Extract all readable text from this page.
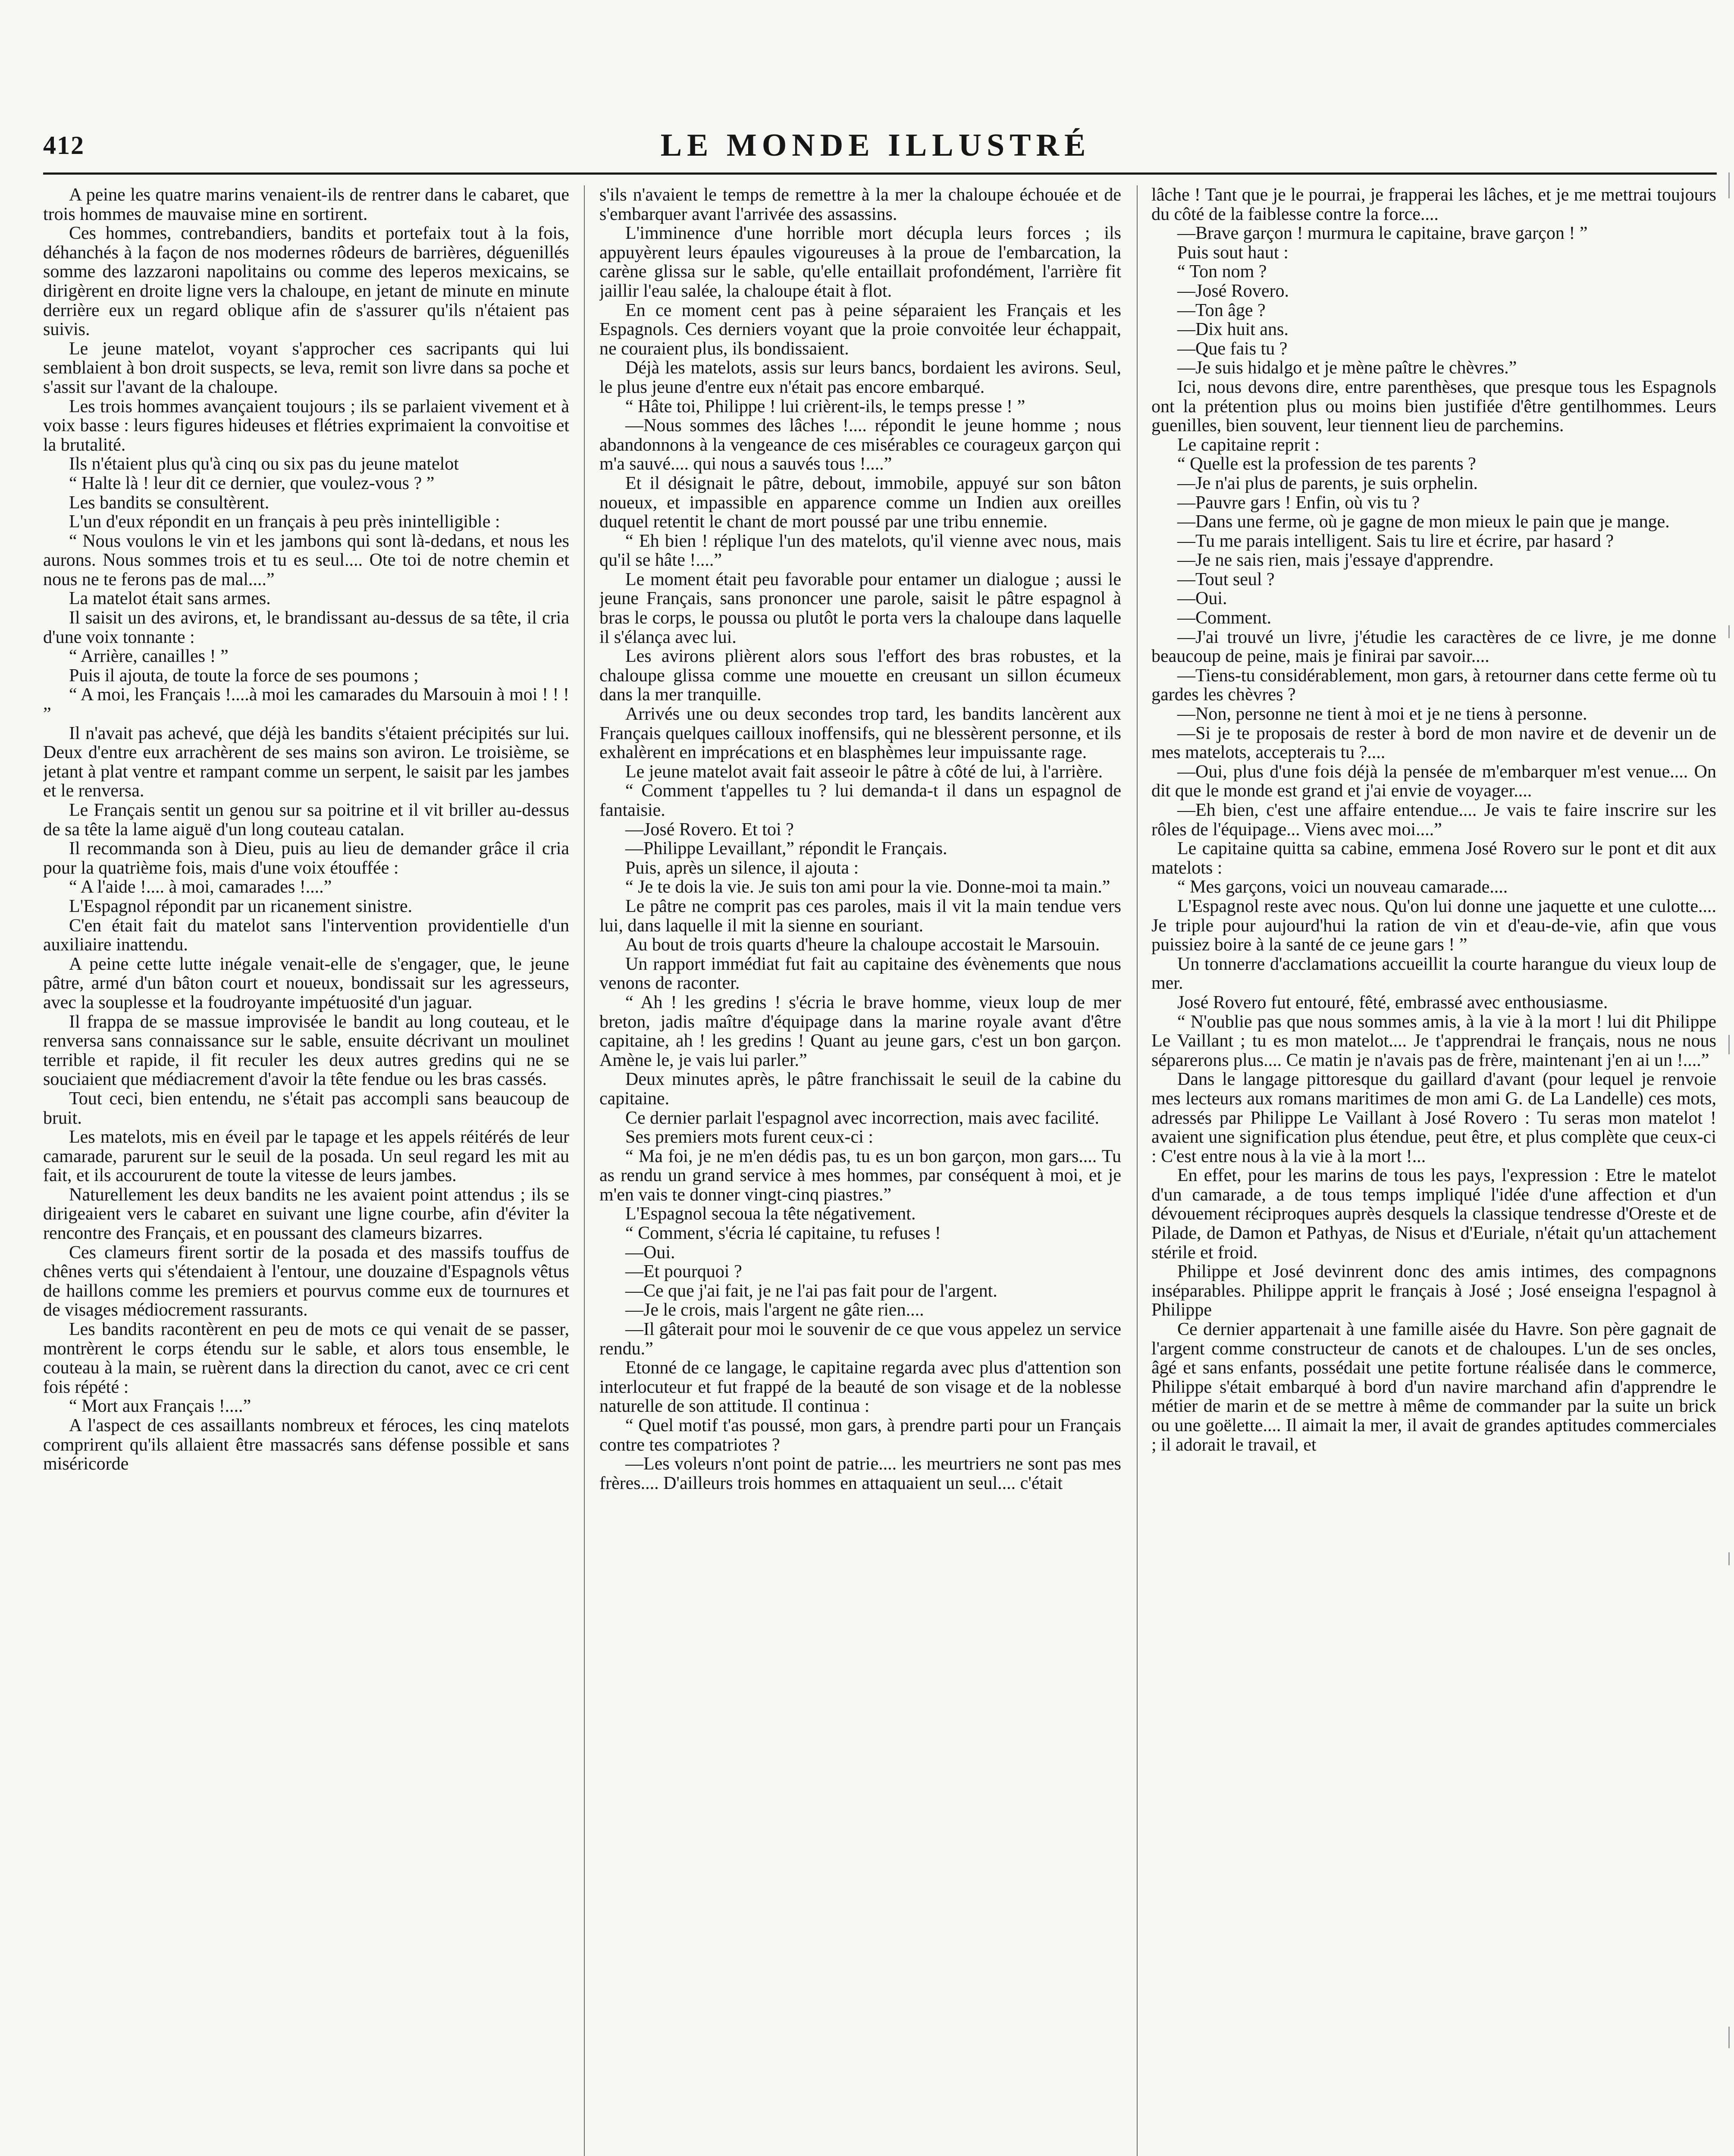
412	LE MONDE ILLUSTRÉ

A peine les quatre marins venaient-ils de rentrer dans le cabaret, que trois hommes de mauvaise mine en sortirent.

Ces hommes, contrebandiers, bandits et portefaix tout à la fois, déhanchés à la façon de nos modernes rôdeurs de barrières, déguenillés somme des lazzaroni napolitains ou comme des leperos mexicains, se dirigèrent en droite ligne vers la chaloupe, en jetant de minute en minute derrière eux un regard oblique afin de s'assurer qu'ils n'étaient pas suivis.

Le jeune matelot, voyant s'approcher ces sacripants qui lui semblaient à bon droit suspects, se leva, remit son livre dans sa poche et s'assit sur l'avant de la chaloupe.

Les trois hommes avançaient toujours ; ils se parlaient vivement et à voix basse : leurs figures hideuses et flétries exprimaient la convoitise et la brutalité.

Ils n'étaient plus qu'à cinq ou six pas du jeune matelot

“ Halte là ! leur dit ce dernier, que voulez-vous ? ”

Les bandits se consultèrent.

L'un d'eux répondit en un français à peu près inintelligible :

“ Nous voulons le vin et les jambons qui sont là-dedans, et nous les aurons. Nous sommes trois et tu es seul.... Ote toi de notre chemin et nous ne te ferons pas de mal....”

La matelot était sans armes.

Il saisit un des avirons, et, le brandissant au-dessus de sa tête, il cria d'une voix tonnante :

“ Arrière, canailles ! ”

Puis il ajouta, de toute la force de ses poumons ;

“ A moi, les Français !....à moi les camarades du Marsouin à moi ! ! ! ”

Il n'avait pas achevé, que déjà les bandits s'étaient précipités sur lui. Deux d'entre eux arrachèrent de ses mains son aviron. Le troisième, se jetant à plat ventre et rampant comme un serpent, le saisit par les jambes et le renversa.

Le Français sentit un genou sur sa poitrine et il vit briller au-dessus de sa tête la lame aiguë d'un long couteau catalan.

Il recommanda son à Dieu, puis au lieu de demander grâce il cria pour la quatrième fois, mais d'une voix étouffée :

“ A l'aide !.... à moi, camarades !....”

L'Espagnol répondit par un ricanement sinistre.

C'en était fait du matelot sans l'intervention providentielle d'un auxiliaire inattendu.

A peine cette lutte inégale venait-elle de s'engager, que, le jeune pâtre, armé d'un bâton court et noueux, bondissait sur les agresseurs, avec la souplesse et la foudroyante impétuosité d'un jaguar.

Il frappa de se massue improvisée le bandit au long couteau, et le renversa sans connaissance sur le sable, ensuite décrivant un moulinet terrible et rapide, il fit reculer les deux autres gredins qui ne se souciaient que médiacrement d'avoir la tête fendue ou les bras cassés.

Tout ceci, bien entendu, ne s'était pas accompli sans beaucoup de bruit.

Les matelots, mis en éveil par le tapage et les appels réitérés de leur camarade, parurent sur le seuil de la posada. Un seul regard les mit au fait, et ils accoururent de toute la vitesse de leurs jambes.

Naturellement les deux bandits ne les avaient point attendus ; ils se dirigeaient vers le cabaret en suivant une ligne courbe, afin d'éviter la rencontre des Français, et en poussant des clameurs bizarres.

Ces clameurs firent sortir de la posada et des massifs touffus de chênes verts qui s'étendaient à l'entour, une douzaine d'Espagnols vêtus de haillons comme les premiers et pourvus comme eux de tournures et de visages médiocrement rassurants.

Les bandits racontèrent en peu de mots ce qui venait de se passer, montrèrent le corps étendu sur le sable, et alors tous ensemble, le couteau à la main, se ruèrent dans la direction du canot, avec ce cri cent fois répété :

“ Mort aux Français !....”

A l'aspect de ces assaillants nombreux et féroces, les cinq matelots comprirent qu'ils allaient être massacrés sans défense possible et sans miséricorde

s'ils n'avaient le temps de remettre à la mer la chaloupe échouée et de s'embarquer avant l'arrivée des assassins.

L'imminence d'une horrible mort décupla leurs forces ; ils appuyèrent leurs épaules vigoureuses à la proue de l'embarcation, la carène glissa sur le sable, qu'elle entaillait profondément, l'arrière fit jaillir l'eau salée, la chaloupe était à flot.

En ce moment cent pas à peine séparaient les Français et les Espagnols. Ces derniers voyant que la proie convoitée leur échappait, ne couraient plus, ils bondissaient.

Déjà les matelots, assis sur leurs bancs, bordaient les avirons. Seul, le plus jeune d'entre eux n'était pas encore embarqué.

“ Hâte toi, Philippe ! lui crièrent-ils, le temps presse ! ”

—Nous sommes des lâches !.... répondit le jeune homme ; nous abandonnons à la vengeance de ces misérables ce courageux garçon qui m'a sauvé.... qui nous a sauvés tous !....”

Et il désignait le pâtre, debout, immobile, appuyé sur son bâton noueux, et impassible en apparence comme un Indien aux oreilles duquel retentit le chant de mort poussé par une tribu ennemie.

“ Eh bien ! réplique l'un des matelots, qu'il vienne avec nous, mais qu'il se hâte !....”

Le moment était peu favorable pour entamer un dialogue ; aussi le jeune Français, sans prononcer une parole, saisit le pâtre espagnol à bras le corps, le poussa ou plutôt le porta vers la chaloupe dans laquelle il s'élança avec lui.

Les avirons plièrent alors sous l'effort des bras robustes, et la chaloupe glissa comme une mouette en creusant un sillon écumeux dans la mer tranquille.

Arrivés une ou deux secondes trop tard, les bandits lancèrent aux Français quelques cailloux inoffensifs, qui ne blessèrent personne, et ils exhalèrent en imprécations et en blasphèmes leur impuissante rage.

Le jeune matelot avait fait asseoir le pâtre à côté de lui, à l'arrière.

“ Comment t'appelles tu ? lui demanda-t il dans un espagnol de fantaisie.

—José Rovero. Et toi ?

—Philippe Levaillant,” répondit le Français.

Puis, après un silence, il ajouta :

“ Je te dois la vie. Je suis ton ami pour la vie. Donne-moi ta main.”

Le pâtre ne comprit pas ces paroles, mais il vit la main tendue vers lui, dans laquelle il mit la sienne en souriant.

Au bout de trois quarts d'heure la chaloupe accostait le Marsouin.

Un rapport immédiat fut fait au capitaine des évènements que nous venons de raconter.

“ Ah ! les gredins ! s'écria le brave homme, vieux loup de mer breton, jadis maître d'équipage dans la marine royale avant d'être capitaine, ah ! les gredins ! Quant au jeune gars, c'est un bon garçon. Amène le, je vais lui parler.”

Deux minutes après, le pâtre franchissait le seuil de la cabine du capitaine.

Ce dernier parlait l'espagnol avec incorrection, mais avec facilité.

Ses premiers mots furent ceux-ci :

“ Ma foi, je ne m'en dédis pas, tu es un bon garçon, mon gars.... Tu as rendu un grand service à mes hommes, par conséquent à moi, et je m'en vais te donner vingt-cinq piastres.”

L'Espagnol secoua la tête négativement.

“ Comment, s'écria lé capitaine, tu refuses !

—Oui.

—Et pourquoi ?

—Ce que j'ai fait, je ne l'ai pas fait pour de l'argent.

—Je le crois, mais l'argent ne gâte rien....

—Il gâterait pour moi le souvenir de ce que vous appelez un service rendu.”

Etonné de ce langage, le capitaine regarda avec plus d'attention son interlocuteur et fut frappé de la beauté de son visage et de la noblesse naturelle de son attitude. Il continua :

“ Quel motif t'as poussé, mon gars, à prendre parti pour un Français contre tes compatriotes ?

—Les voleurs n'ont point de patrie.... les meurtriers ne sont pas mes frères.... D'ailleurs trois hommes en attaquaient un seul.... c'était

lâche ! Tant que je le pourrai, je frapperai les lâches, et je me mettrai toujours du côté de la faiblesse contre la force....

—Brave garçon ! murmura le capitaine, brave garçon ! ”

Puis sout haut :

“ Ton nom ?

—José Rovero.

—Ton âge ?

—Dix huit ans.

—Que fais tu ?

—Je suis hidalgo et je mène paître le chèvres.”

Ici, nous devons dire, entre parenthèses, que presque tous les Espagnols ont la prétention plus ou moins bien justifiée d'être gentilhommes. Leurs guenilles, bien souvent, leur tiennent lieu de parchemins.

Le capitaine reprit :

“ Quelle est la profession de tes parents ?

—Je n'ai plus de parents, je suis orphelin.

—Pauvre gars ! Enfin, où vis tu ?

—Dans une ferme, où je gagne de mon mieux le pain que je mange.

—Tu me parais intelligent. Sais tu lire et écrire, par hasard ?

—Je ne sais rien, mais j'essaye d'apprendre.

—Tout seul ?

—Oui.

—Comment.

—J'ai trouvé un livre, j'étudie les caractères de ce livre, je me donne beaucoup de peine, mais je finirai par savoir....

—Tiens-tu considérablement, mon gars, à retourner dans cette ferme où tu gardes les chèvres ?

—Non, personne ne tient à moi et je ne tiens à personne.

—Si je te proposais de rester à bord de mon navire et de devenir un de mes matelots, accepterais tu ?....

—Oui, plus d'une fois déjà la pensée de m'embarquer m'est venue.... On dit que le monde est grand et j'ai envie de voyager....

—Eh bien, c'est une affaire entendue.... Je vais te faire inscrire sur les rôles de l'équipage... Viens avec moi....”

Le capitaine quitta sa cabine, emmena José Rovero sur le pont et dit aux matelots :

“ Mes garçons, voici un nouveau camarade....

L'Espagnol reste avec nous. Qu'on lui donne une jaquette et une culotte.... Je triple pour aujourd'hui la ration de vin et d'eau-de-vie, afin que vous puissiez boire à la santé de ce jeune gars ! ”

Un tonnerre d'acclamations accueillit la courte harangue du vieux loup de mer.

José Rovero fut entouré, fêté, embrassé avec enthousiasme.

“ N'oublie pas que nous sommes amis, à la vie à la mort ! lui dit Philippe Le Vaillant ; tu es mon matelot.... Je t'apprendrai le français, nous ne nous séparerons plus.... Ce matin je n'avais pas de frère, maintenant j'en ai un !....”

Dans le langage pittoresque du gaillard d'avant (pour lequel je renvoie mes lecteurs aux romans maritimes de mon ami G. de La Landelle) ces mots, adressés par Philippe Le Vaillant à José Rovero : Tu seras mon matelot ! avaient une signification plus étendue, peut être, et plus complète que ceux-ci : C'est entre nous à la vie à la mort !...

En effet, pour les marins de tous les pays, l'expression : Etre le matelot d'un camarade, a de tous temps impliqué l'idée d'une affection et d'un dévouement réciproques auprès desquels la classique tendresse d'Oreste et de Pilade, de Damon et Pathyas, de Nisus et d'Euriale, n'était qu'un attachement stérile et froid.

Philippe et José devinrent donc des amis intimes, des compagnons inséparables. Philippe apprit le français à José ; José enseigna l'espagnol à Philippe

Ce dernier appartenait à une famille aisée du Havre. Son père gagnait de l'argent comme constructeur de canots et de chaloupes. L'un de ses oncles, âgé et sans enfants, possédait une petite fortune réalisée dans le commerce, Philippe s'était embarqué à bord d'un navire marchand afin d'apprendre le métier de marin et de se mettre à même de commander par la suite un brick ou une goëlette.... Il aimait la mer, il avait de grandes aptitudes commerciales ; il adorait le travail, et
